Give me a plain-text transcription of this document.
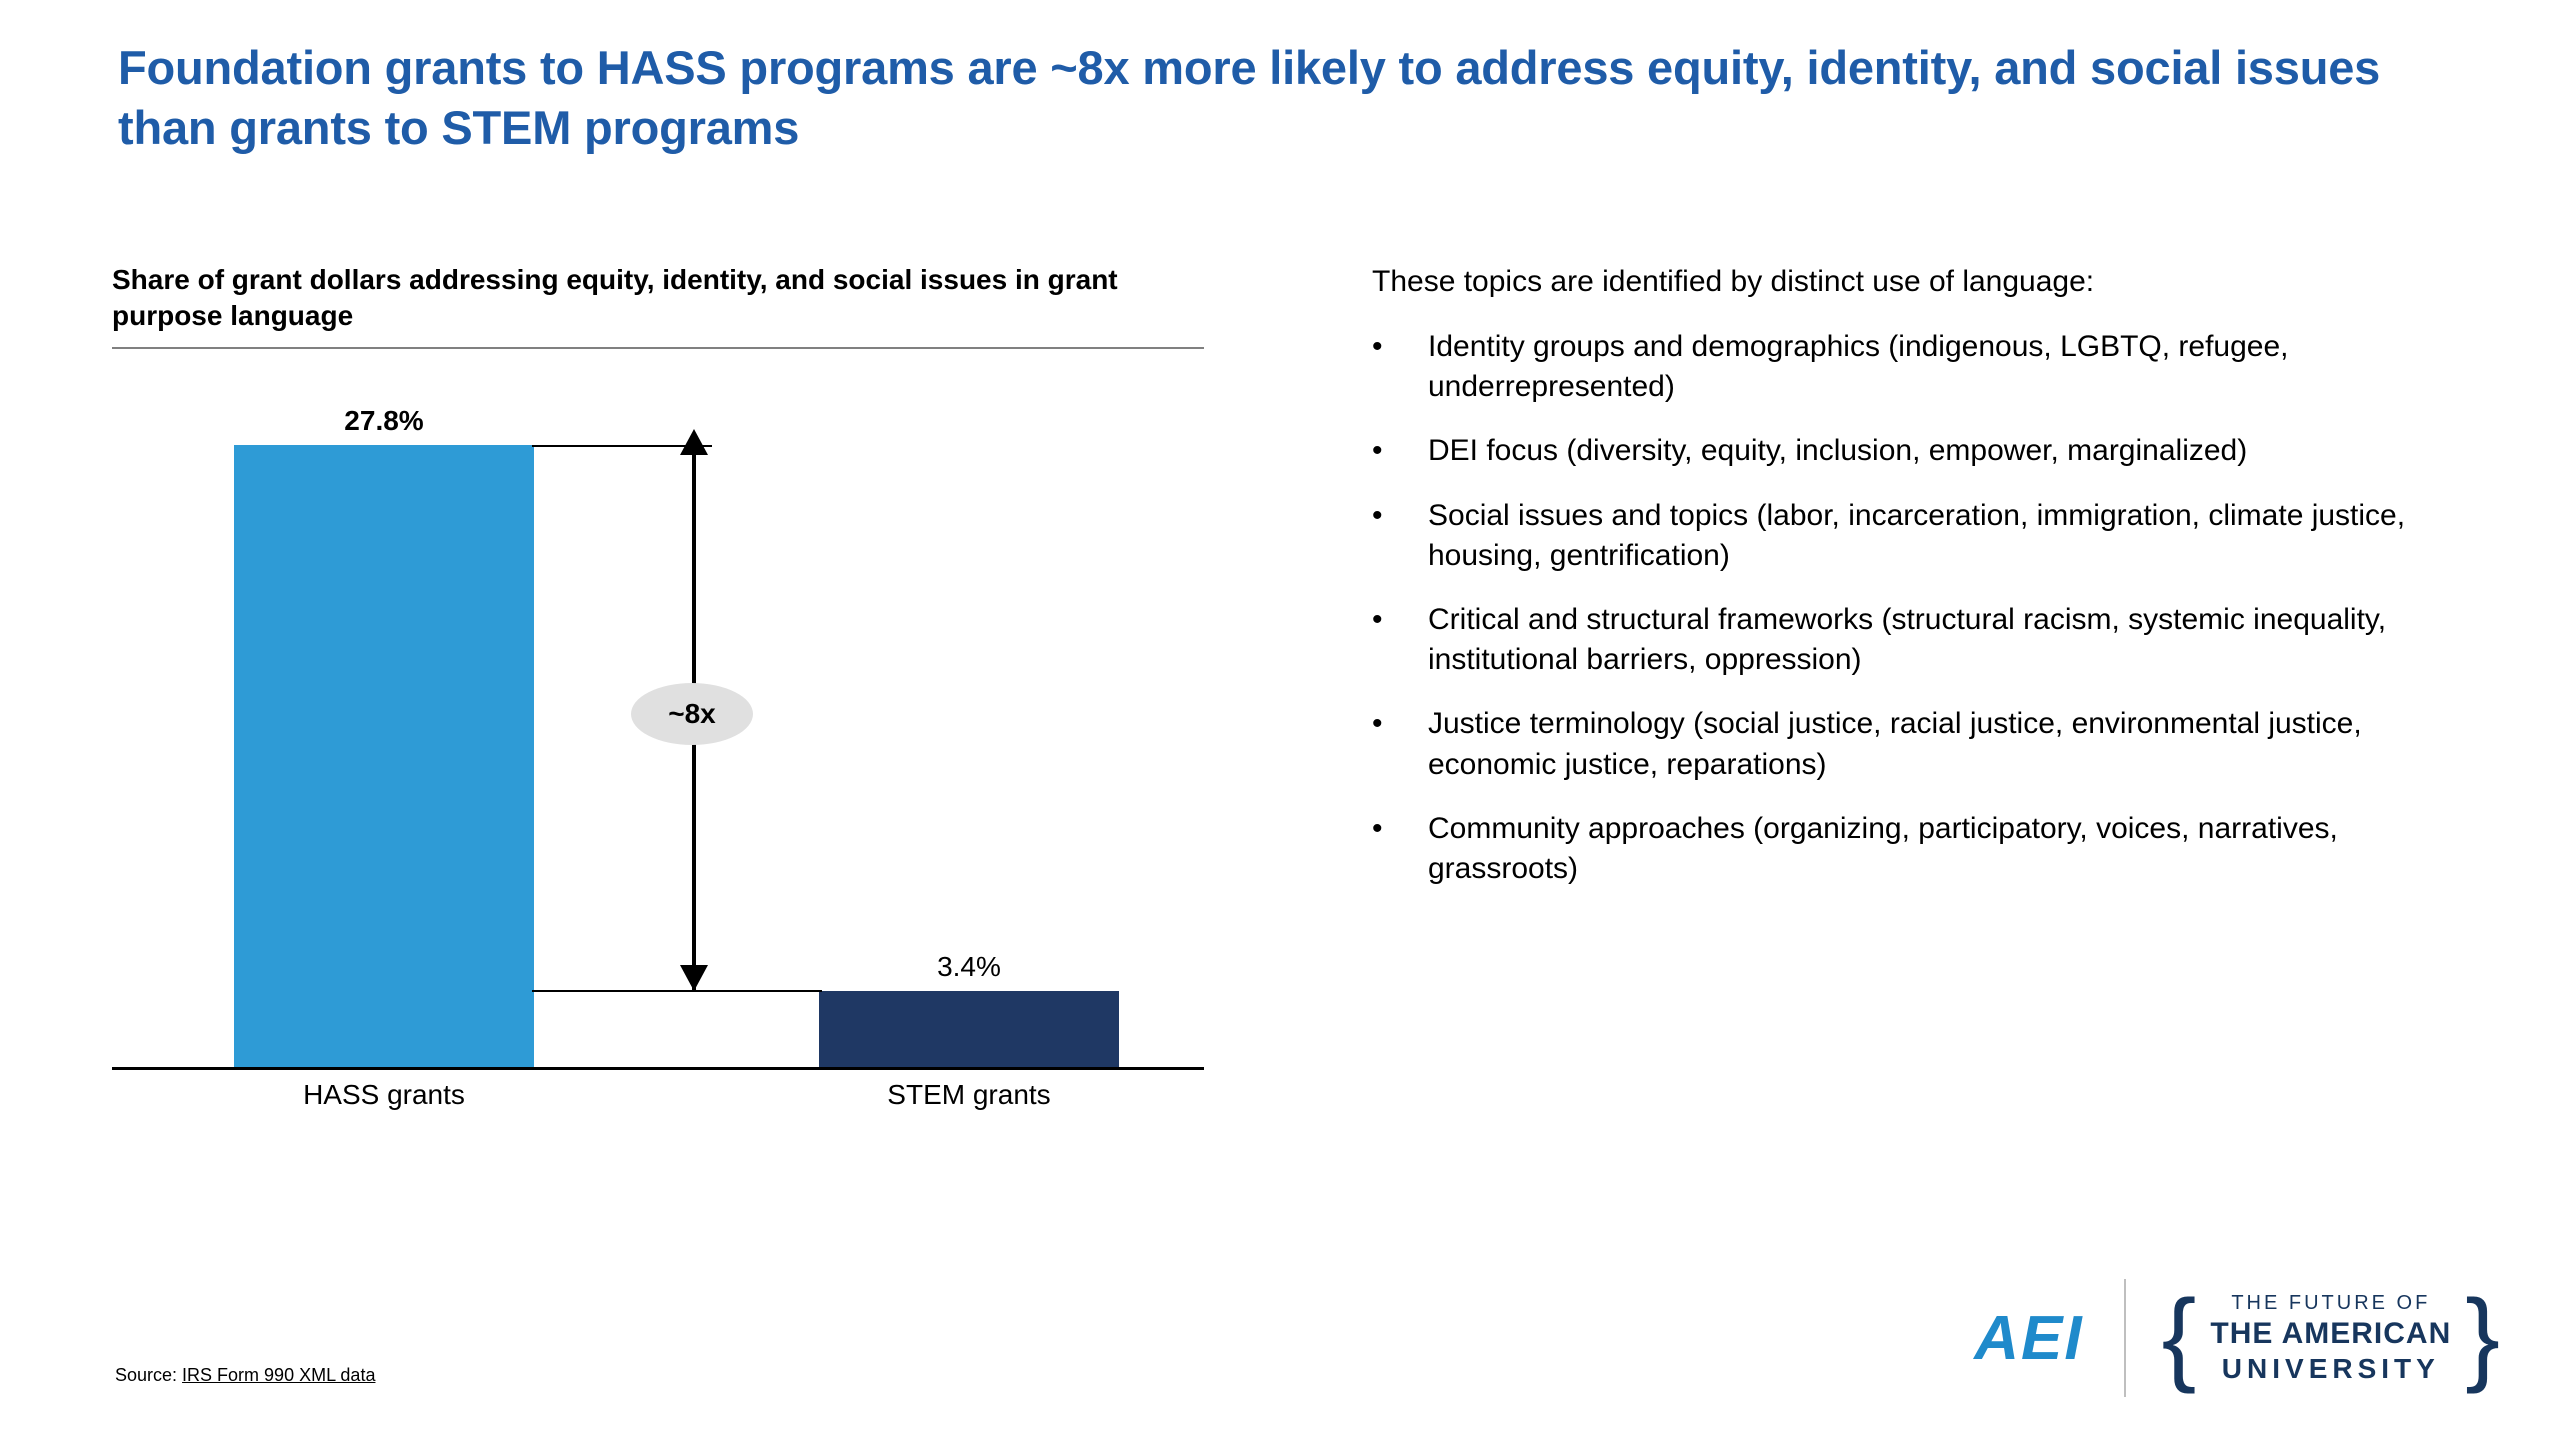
Foundation grants to HASS programs are ~8x more likely to address equity, identity, and social issues than grants to STEM programs
Share of grant dollars addressing equity, identity, and social issues in grant purpose language
27.8%
3.4%
~8x
HASS grants	STEM grants
These topics are identified by distinct use of language:
•	Identity groups and demographics (indigenous, LGBTQ, refugee, underrepresented)
•	DEI focus (diversity, equity, inclusion, empower, marginalized)
•	Social issues and topics (labor, incarceration, immigration, climate justice, housing, gentrification)
•	Critical and structural frameworks (structural racism, systemic inequality, institutional barriers, oppression)
•	Justice terminology (social justice, racial justice, environmental justice, economic justice, reparations)
•	Community approaches (organizing, participatory, voices, narratives, grassroots)
Source: IRS Form 990 XML data
AEI {	THE FUTURE OF
THE AMERICAN
UNIVERSITY }
